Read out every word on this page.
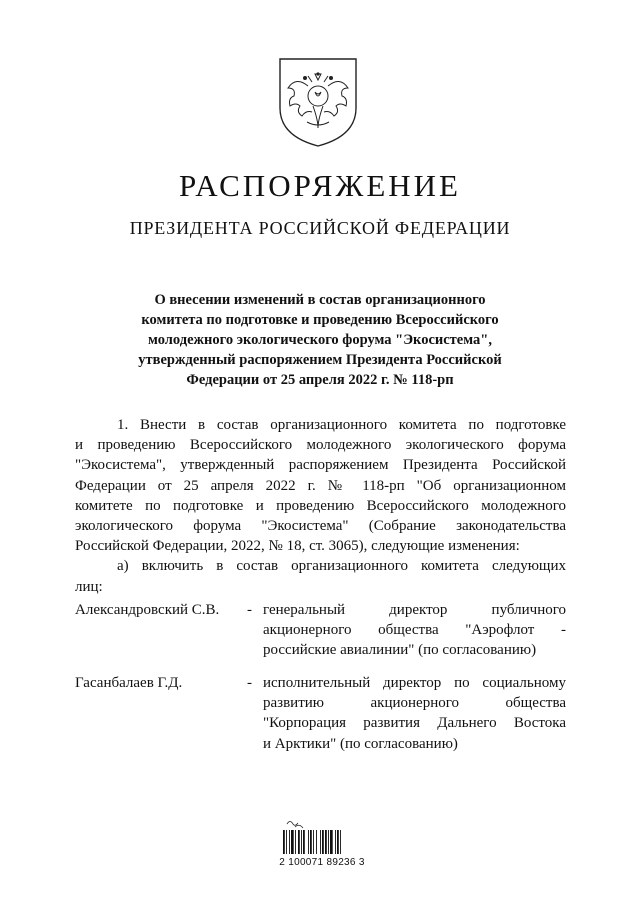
РАСПОРЯЖЕНИЕ
ПРЕЗИДЕНТА РОССИЙСКОЙ ФЕДЕРАЦИИ
О внесении изменений в состав организационного
комитета по подготовке и проведению Всероссийского
молодежного экологического форума "Экосистема",
утвержденный распоряжением Президента Российской
Федерации от 25 апреля 2022 г. № 118-рп
1. Внести в состав организационного комитета по подготовке
и проведению Всероссийского молодежного экологического форума
"Экосистема", утвержденный распоряжением Президента Российской
Федерации от 25 апреля 2022 г. № 118-рп "Об организационном
комитете по подготовке и проведению Всероссийского молодежного
экологического форума "Экосистема" (Собрание законодательства
Российской Федерации, 2022, № 18, ст. 3065), следующие изменения:
а) включить в состав организационного комитета следующих
лиц:
Александровский С.В. - генеральный директор публичного
акционерного общества "Аэрофлот -
российские авиалинии" (по согласованию)
Гасанбалаев Г.Д.	- исполнительный директор по социальному
развитию акционерного общества
"Корпорация развития Дальнего Востока
и Арктики" (по согласованию)
2 100071 89236 3
